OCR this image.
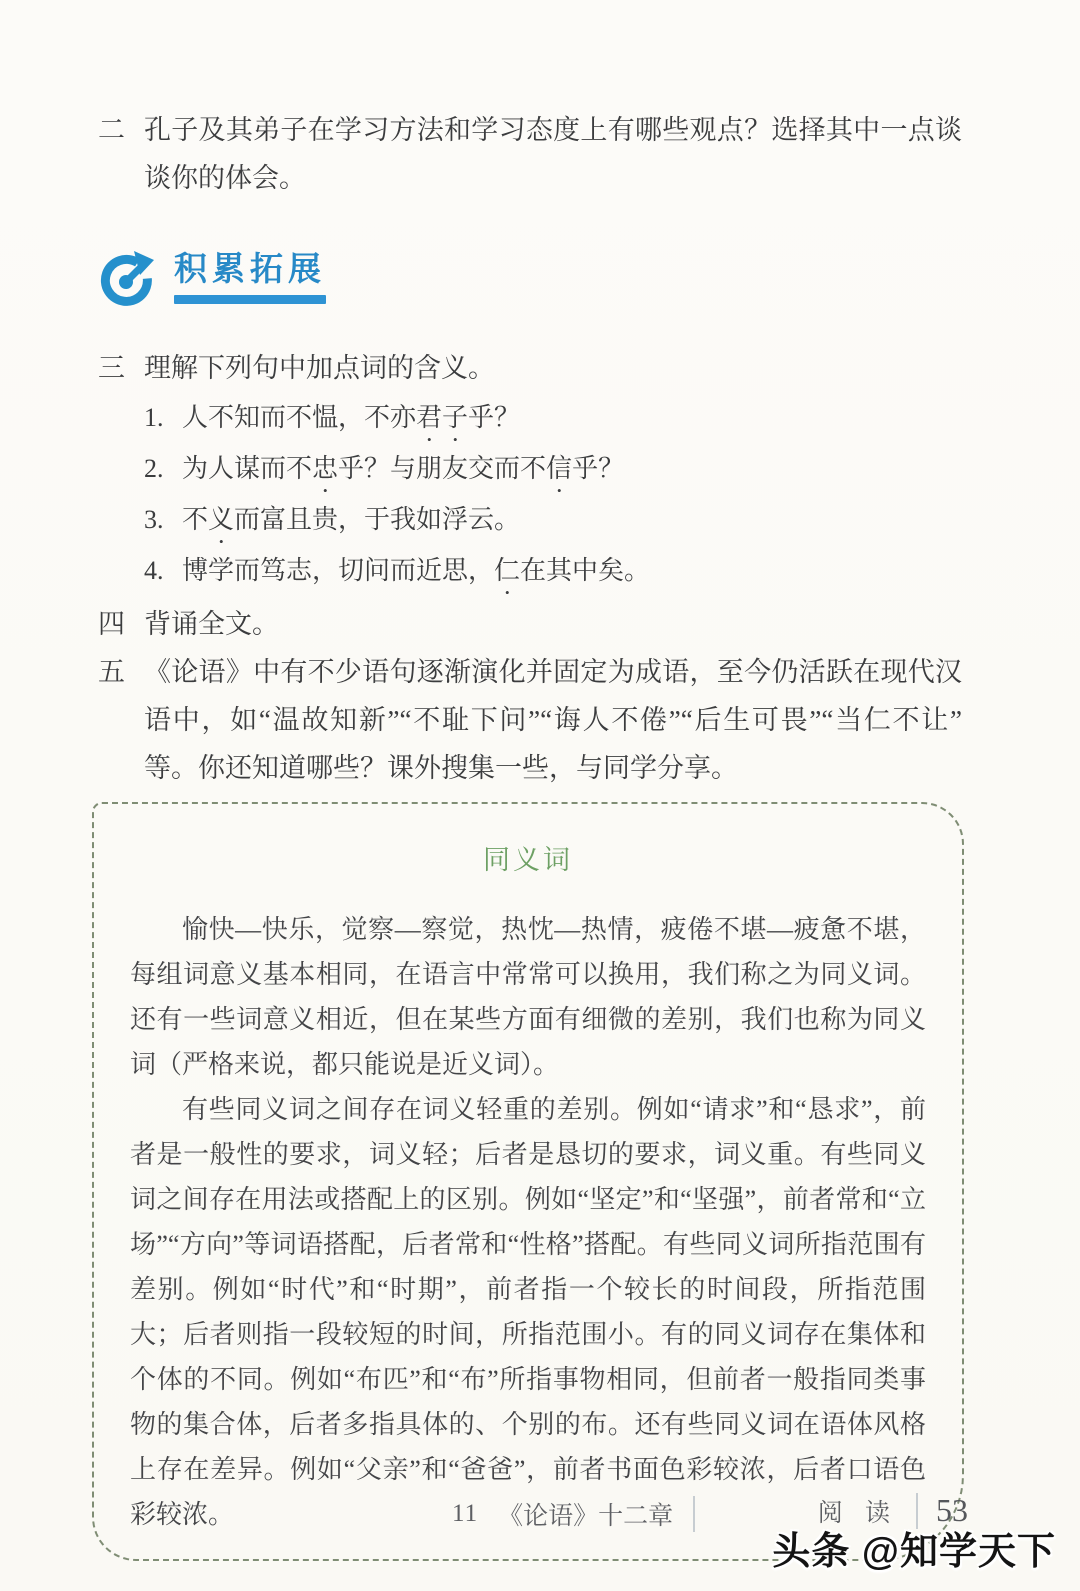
二 孔子及其弟子在学习方法和学习态度上有哪些观点？选择其中一点谈谈你的体会。
积累拓展
三 理解下列句中加点词的含义。
1. 人不知而不愠，不亦君子乎？
2. 为人谋而不忠乎？与朋友交而不信乎？
3. 不义而富且贵，于我如浮云。
4. 博学而笃志，切问而近思，仁在其中矣。
四 背诵全文。
五 《论语》中有不少语句逐渐演化并固定为成语，至今仍活跃在现代汉语中，如“温故知新”“不耻下问”“诲人不倦”“后生可畏”“当仁不让”等。你还知道哪些？课外搜集一些，与同学分享。
同义词

愉快—快乐，觉察—察觉，热忱—热情，疲倦不堪—疲惫不堪，每组词意义基本相同，在语言中常常可以换用，我们称之为同义词。还有一些词意义相近，但在某些方面有细微的差别，我们也称为同义词（严格来说，都只能说是近义词）。

有些同义词之间存在词义轻重的差别。例如“请求”和“恳求”，前者是一般性的要求，词义轻；后者是恳切的要求，词义重。有些同义词之间存在用法或搭配上的区别。例如“坚定”和“坚强”，前者常和“立场”“方向”等词语搭配，后者常和“性格”搭配。有些同义词所指范围有差别。例如“时代”和“时期”，前者指一个较长的时间段，所指范围大；后者则指一段较短的时间，所指范围小。有的同义词存在集体和个体的不同。例如“布匹”和“布”所指事物相同，但前者一般指同类事物的集合体，后者多指具体的、个别的布。还有些同义词在语体风格上存在差异。例如“父亲”和“爸爸”，前者书面色彩较浓，后者口语色彩较浓。	11 《论语》十二章	阅 读 53
头条 @知学天下
